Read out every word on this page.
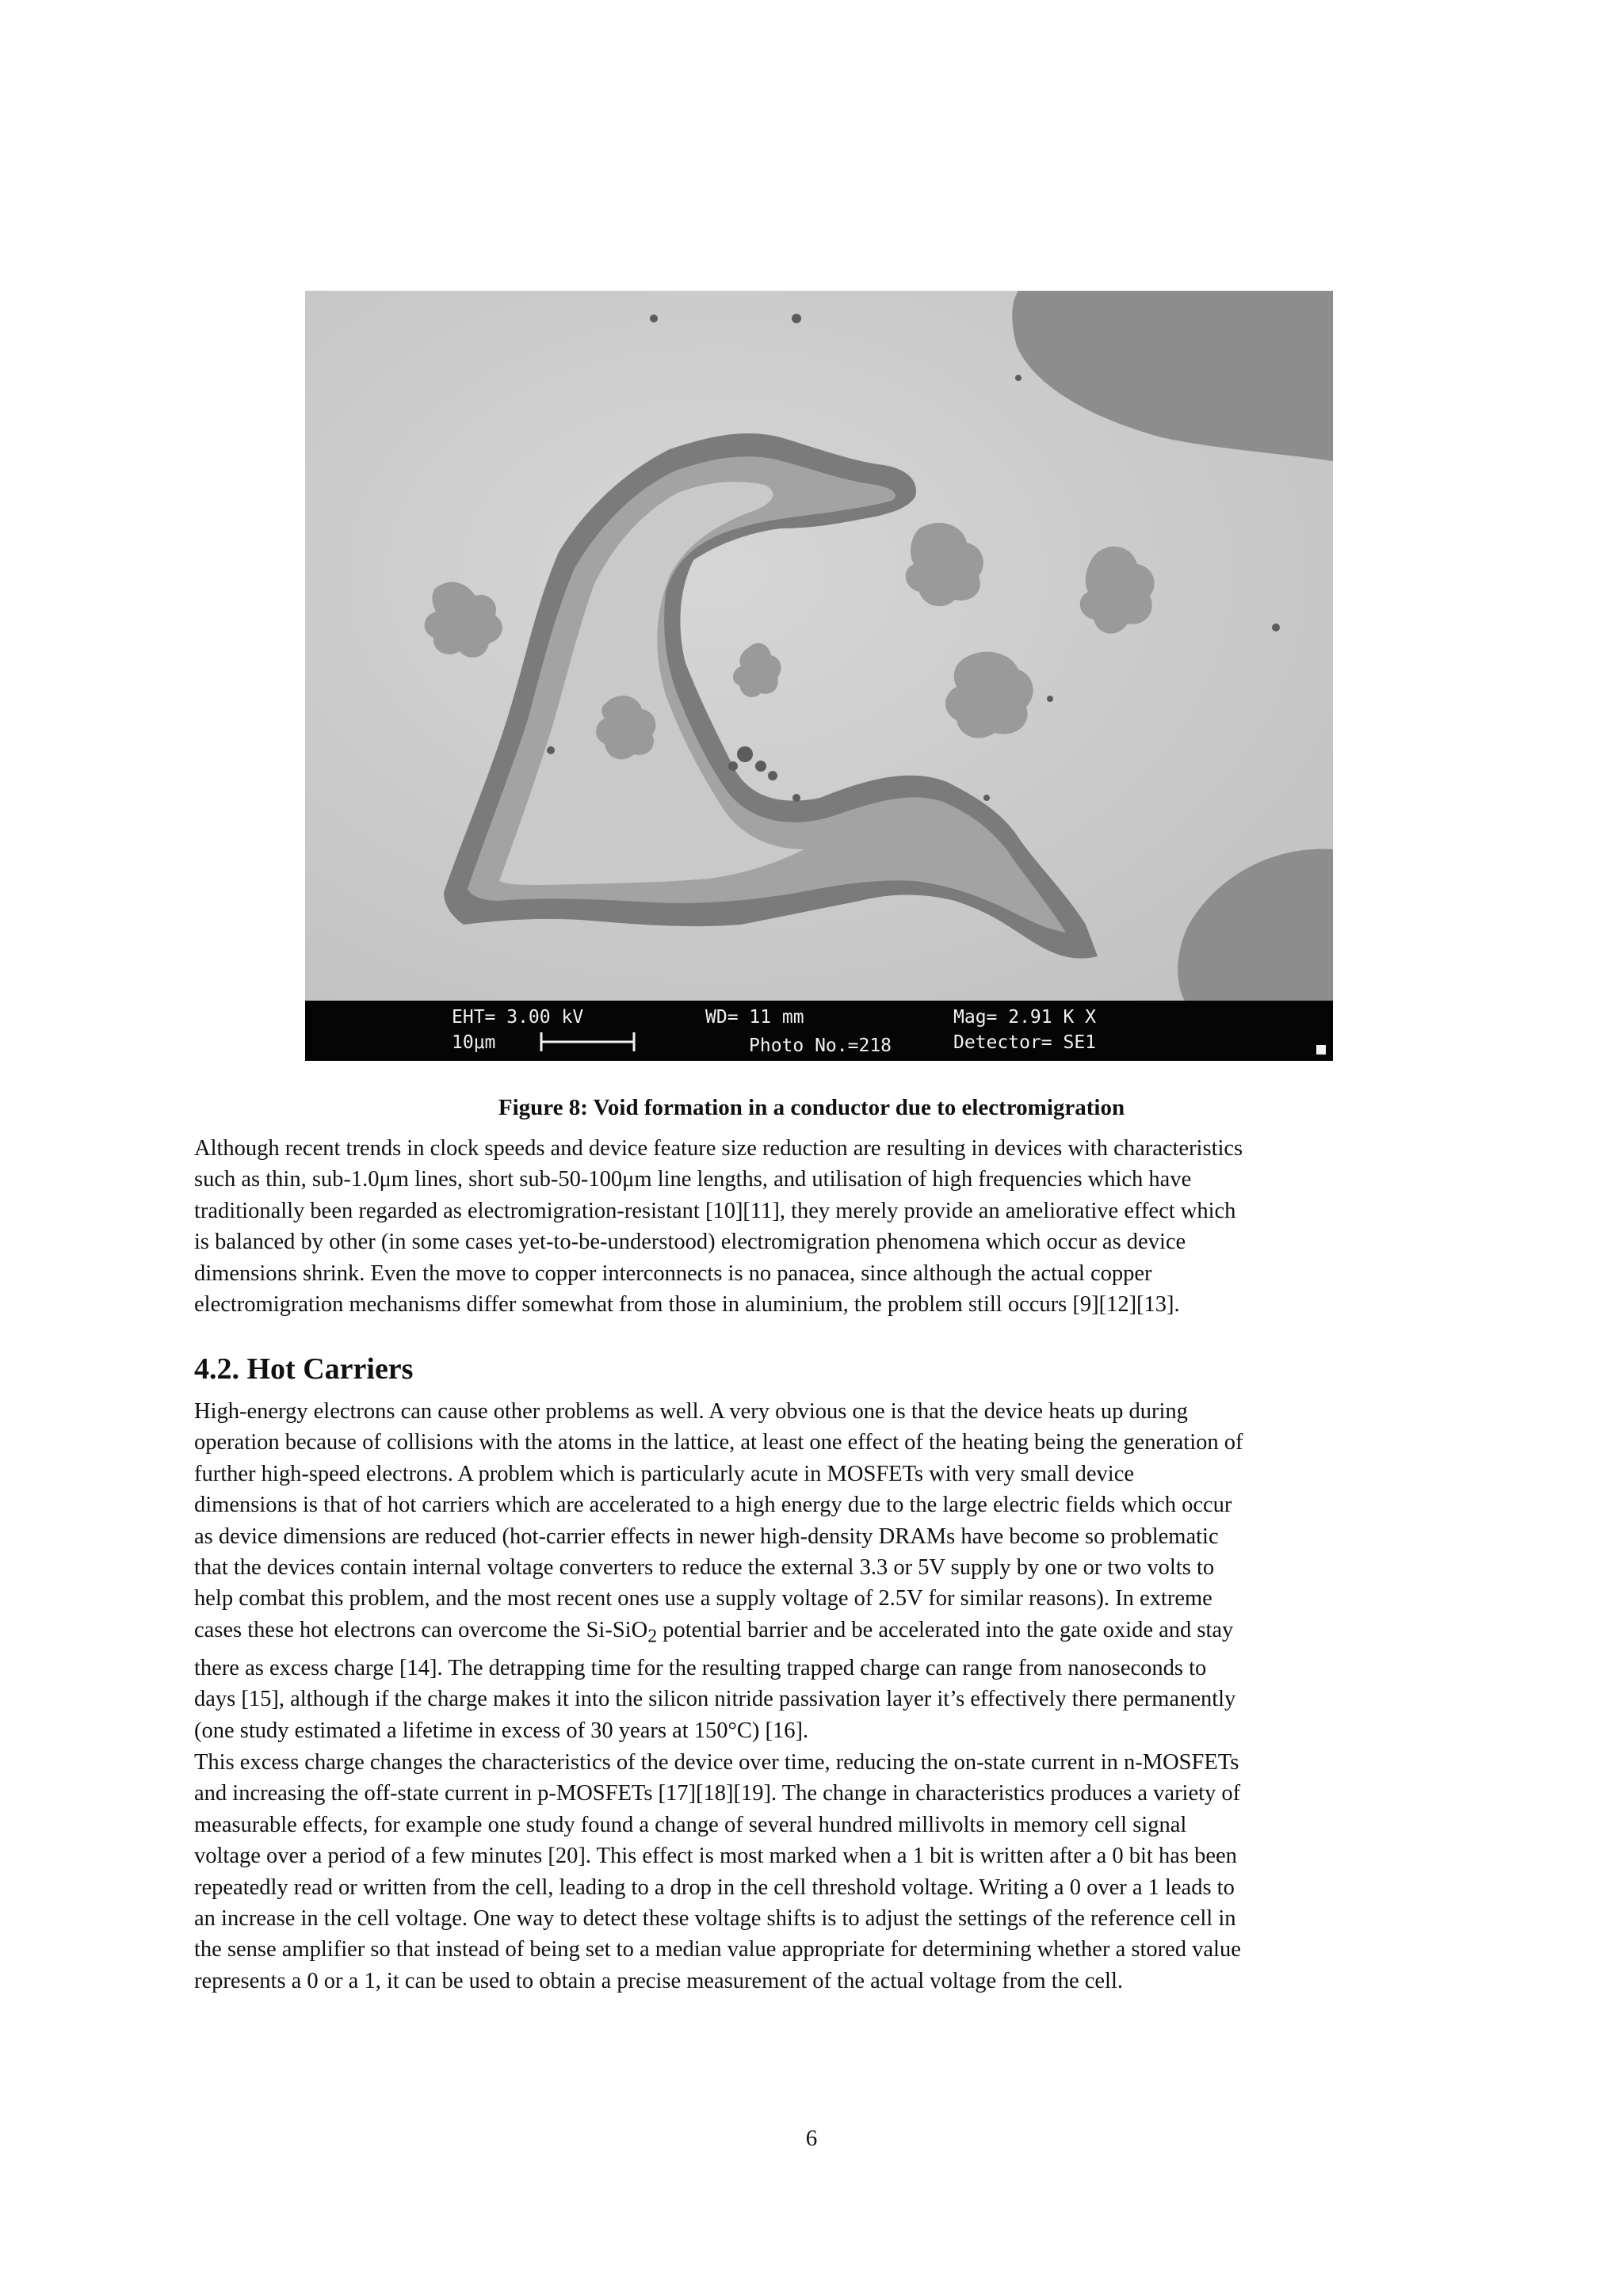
EHT= 3.00 kV
10μm
WD= 11 mm
Photo No.=218
Mag= 2.91 K X
Detector= SE1
Figure 8: Void formation in a conductor due to electromigration
Although recent trends in clock speeds and device feature size reduction are resulting in devices with characteristics
such as thin, sub-1.0μm lines, short sub-50-100μm line lengths, and utilisation of high frequencies which have
traditionally been regarded as electromigration-resistant [10][11], they merely provide an ameliorative effect which
is balanced by other (in some cases yet-to-be-understood) electromigration phenomena which occur as device
dimensions shrink. Even the move to copper interconnects is no panacea, since although the actual copper
electromigration mechanisms differ somewhat from those in aluminium, the problem still occurs [9][12][13].
4.2. Hot Carriers
High-energy electrons can cause other problems as well. A very obvious one is that the device heats up during
operation because of collisions with the atoms in the lattice, at least one effect of the heating being the generation of
further high-speed electrons. A problem which is particularly acute in MOSFETs with very small device
dimensions is that of hot carriers which are accelerated to a high energy due to the large electric fields which occur
as device dimensions are reduced (hot-carrier effects in newer high-density DRAMs have become so problematic
that the devices contain internal voltage converters to reduce the external 3.3 or 5V supply by one or two volts to
help combat this problem, and the most recent ones use a supply voltage of 2.5V for similar reasons). In extreme
cases these hot electrons can overcome the Si-SiO$_2$ potential barrier and be accelerated into the gate oxide and stay
there as excess charge [14]. The detrapping time for the resulting trapped charge can range from nanoseconds to
days [15], although if the charge makes it into the silicon nitride passivation layer it’s effectively there permanently
(one study estimated a lifetime in excess of 30 years at 150°C) [16].
This excess charge changes the characteristics of the device over time, reducing the on-state current in n-MOSFETs
and increasing the off-state current in p-MOSFETs [17][18][19]. The change in characteristics produces a variety of
measurable effects, for example one study found a change of several hundred millivolts in memory cell signal
voltage over a period of a few minutes [20]. This effect is most marked when a 1 bit is written after a 0 bit has been
repeatedly read or written from the cell, leading to a drop in the cell threshold voltage. Writing a 0 over a 1 leads to
an increase in the cell voltage. One way to detect these voltage shifts is to adjust the settings of the reference cell in
the sense amplifier so that instead of being set to a median value appropriate for determining whether a stored value
represents a 0 or a 1, it can be used to obtain a precise measurement of the actual voltage from the cell.
6
